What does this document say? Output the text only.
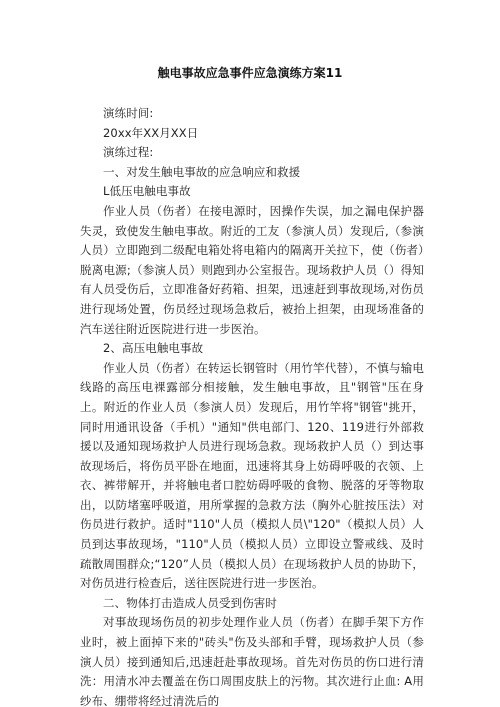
触电事故应急事件应急演练方案11

演练时间:

20xx年XX月XX日

演练过程:

一、对发生触电事故的应急响应和救援

L低压电触电事故

作业人员（伤者）在接电源时，因操作失误，加之漏电保护器失灵，致使发生触电事故。附近的工友（参演人员）发现后,（参演人员）立即跑到二级配电箱处将电箱内的隔离开关拉下，使（伤者）脱离电源;（参演人员）则跑到办公室报告。现场救护人员（）得知有人员受伤后，立即准备好药箱、担架，迅速赶到事故现场,对伤员进行现场处置，伤员经过现场急救后，被抬上担架，由现场准备的汽车送往附近医院进行进一步医治。

2、高压电触电事故

作业人员（伤者）在转运长钢管时（用竹竿代替），不慎与输电线路的高压电裸露部分相接触，发生触电事故，且"钢管"压在身上。附近的作业人员（参演人员）发现后，用竹竿将"钢管"挑开，同时用通讯设备（手机）"通知"供电部门、120、119进行外部救援以及通知现场救护人员进行现场急救。现场救护人员（）到达事故现场后，将伤员平卧在地面，迅速将其身上妨碍呼吸的衣领、上衣、裤带解开，并将触电者口腔妨碍呼吸的食物、脱落的牙等物取出，以防堵塞呼吸道，用所掌握的急救方法（胸外心脏按压法）对伤员进行救护。适时"110"人员（模拟人员\"120"（模拟人员）人员到达事故现场，"110"人员（模拟人员）立即设立警戒线、及时疏散周围群众;“120”人员（模拟人员）在现场救护人员的协助下，对伤员进行检查后，送往医院进行进一步医治。

二、物体打击造成人员受到伤害时

对事故现场伤员的初步处理作业人员（伤者）在脚手架下方作业时，被上面掉下来的"砖头"伤及头部和手臂，现场救护人员（参演人员）接到通知后,迅速赶赴事故现场。首先对伤员的伤口进行清洗：用清水冲去覆盖在伤口周围皮肤上的污物。其次进行止血: A用纱布、绷带将经过清洗后的
